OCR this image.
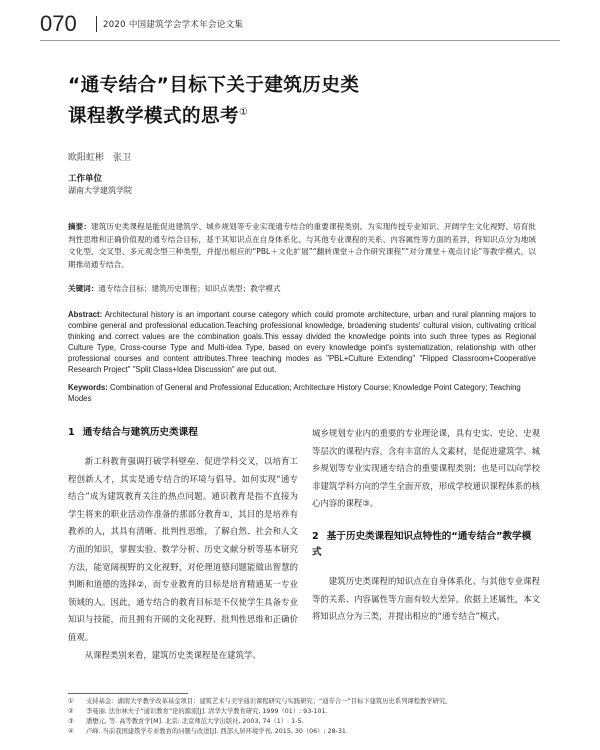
070	2020 中国建筑学会学术年会论文集
“通专结合”目标下关于建筑历史类
课程教学模式的思考①
欧阳虹彬　张卫
工作单位
湖南大学建筑学院
摘要：建筑历史类课程是能促进建筑学、城乡规划等专业实现通专结合的重要课程类别。为实现传授专业知识、开阔学生文化视野、培育批判性思维和正确价值观的通专结合目标，基于其知识点在自身体系化、与其他专业课程的关系、内容属性等方面的差异，将知识点分为地域文化型、交叉型、多元观念型三种类型，并提出相应的“PBL＋文化扩展”“翻转课堂＋合作研究课程”“对分课堂＋观点讨论”等教学模式，以期推动通专结合。
关键词：通专结合目标；建筑历史课程；知识点类型；教学模式
Abstract: Architectural history is an important course category which could promote architecture, urban and rural planning majors to combine general and professional education.Teaching professional knowledge, broadening students' cultural vision, cultivating critical thinking and correct values are the combination goals.This essay divided the knowledge points into such three types as Regional Culture Type, Cross-course Type and Multi-idea Type, based on every knowledge point's systematization, relationship with other professional courses and content attributes.Three teaching modes as "PBL+Culture Extending" "Flipped Classroom+Cooperative Research Project" "Split Class+Idea Discussion" are put out.
Keywords: Combination of General and Professional Education; Architecture History Course; Knowledge Point Category; Teaching Modes
1 通专结合与建筑历史类课程

新工科教育强调打破学科壁垒、促进学科交叉，以培育工程创新人才，其实是通专结合的环境与倡导。如何实现“通专结合”成为建筑教育关注的热点问题。通识教育是指不直接为学生将来的职业活动作准备的那部分教育①，其目的是培养有教养的人，其具有清晰、批判性思维，了解自然、社会和人文方面的知识，掌握实验、数学分析、历史文献分析等基本研究方法，能宽阔视野的文化视野，对伦理道德问题能做出智慧的判断和道德的选择②，而专业教育的目标是培育精通某一专业领域的人。因此，通专结合的教育目标是不仅使学生具备专业知识与技能，而且拥有开阔的文化视野、批判性思维和正确价值观。

从课程类别来看，建筑历史类课程是在建筑学、

城乡规划专业内的重要的专业理论课，具有史实、史论、史观等层次的课程内容，含有丰富的人文素材，是促进建筑学、城乡规划等专业实现通专结合的重要课程类别；也是可以向学校非建筑学科方向的学生全面开放，形成学校通识课程体系的核心内容的课程③。

2 基于历史类课程知识点特性的“通专结合”教学模式

建筑历史类课程的知识点在自身体系化、与其他专业课程等的关系、内容属性等方面有较大差异。依据上述属性，本文将知识点分为三类，并提出相应的“通专结合”模式。

①	支持基金：湖南大学教学改革基金项目：建筑艺术与美学通识课程研究与实践研究；“通专合一”目标下建筑历史系列课程教学研究。
②	李曼丽. 法尔林夫子“通识教育”论的源流[J]. 清华大学教育研究, 1999（01）: 93-101.
③	潘懋元, 等. 高等教育学[M]. 北京: 北京师范大学出版社, 2003, 74（1）: 1-5.
④	卢峰. 当前我国建筑学专业教育的问题与改进[J]. 西部人居环境学刊, 2015, 30（06）: 28-31.
